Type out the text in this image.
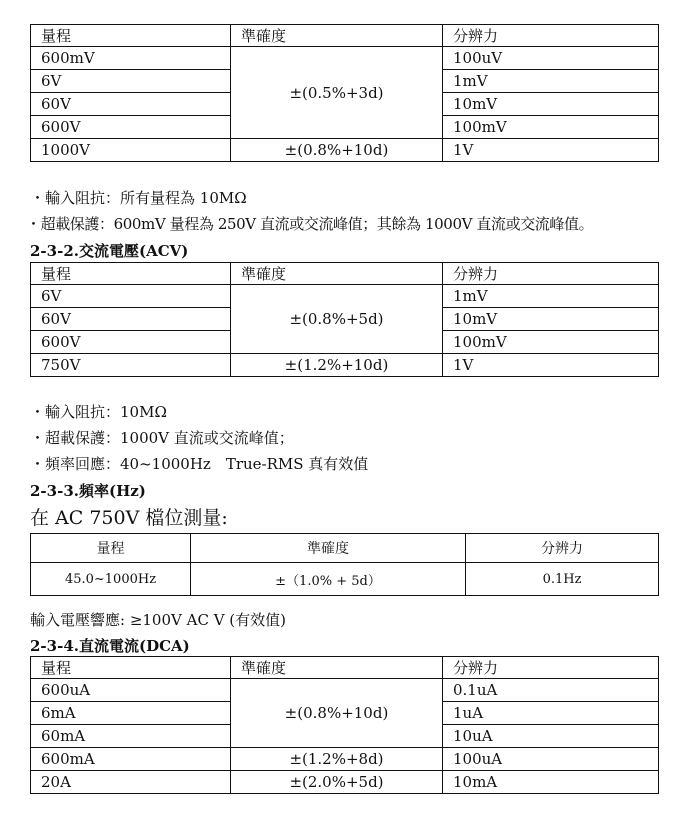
量程	準確度	分辨力
600mV	±(0.5%+3d)	100uV
6V		1mV
60V		10mV
600V		100mV
1000V	±(0.8%+10d)	1V
・輸入阻抗：所有量程為 10MΩ
・超載保護：600mV 量程為 250V 直流或交流峰值；其餘為 1000V 直流或交流峰值。
2-3-2.交流電壓(ACV)
量程	準確度	分辨力
6V	±(0.8%+5d)	1mV
60V		10mV
600V		100mV
750V	±(1.2%+10d)	1V
・輸入阻抗：10MΩ
・超載保護：1000V 直流或交流峰值；
・頻率回應：40~1000Hz　True-RMS 真有效值
2-3-3.頻率(Hz)
在 AC 750V 檔位測量:
量程	準確度	分辨力
45.0~1000Hz	±（1.0% + 5d）	0.1Hz
輸入電壓響應: ≥100V AC V (有效值)
2-3-4.直流電流(DCA)
量程	準確度	分辨力
600uA	±(0.8%+10d)	0.1uA
6mA		1uA
60mA		10uA
600mA	±(1.2%+8d)	100uA
20A	±(2.0%+5d)	10mA
